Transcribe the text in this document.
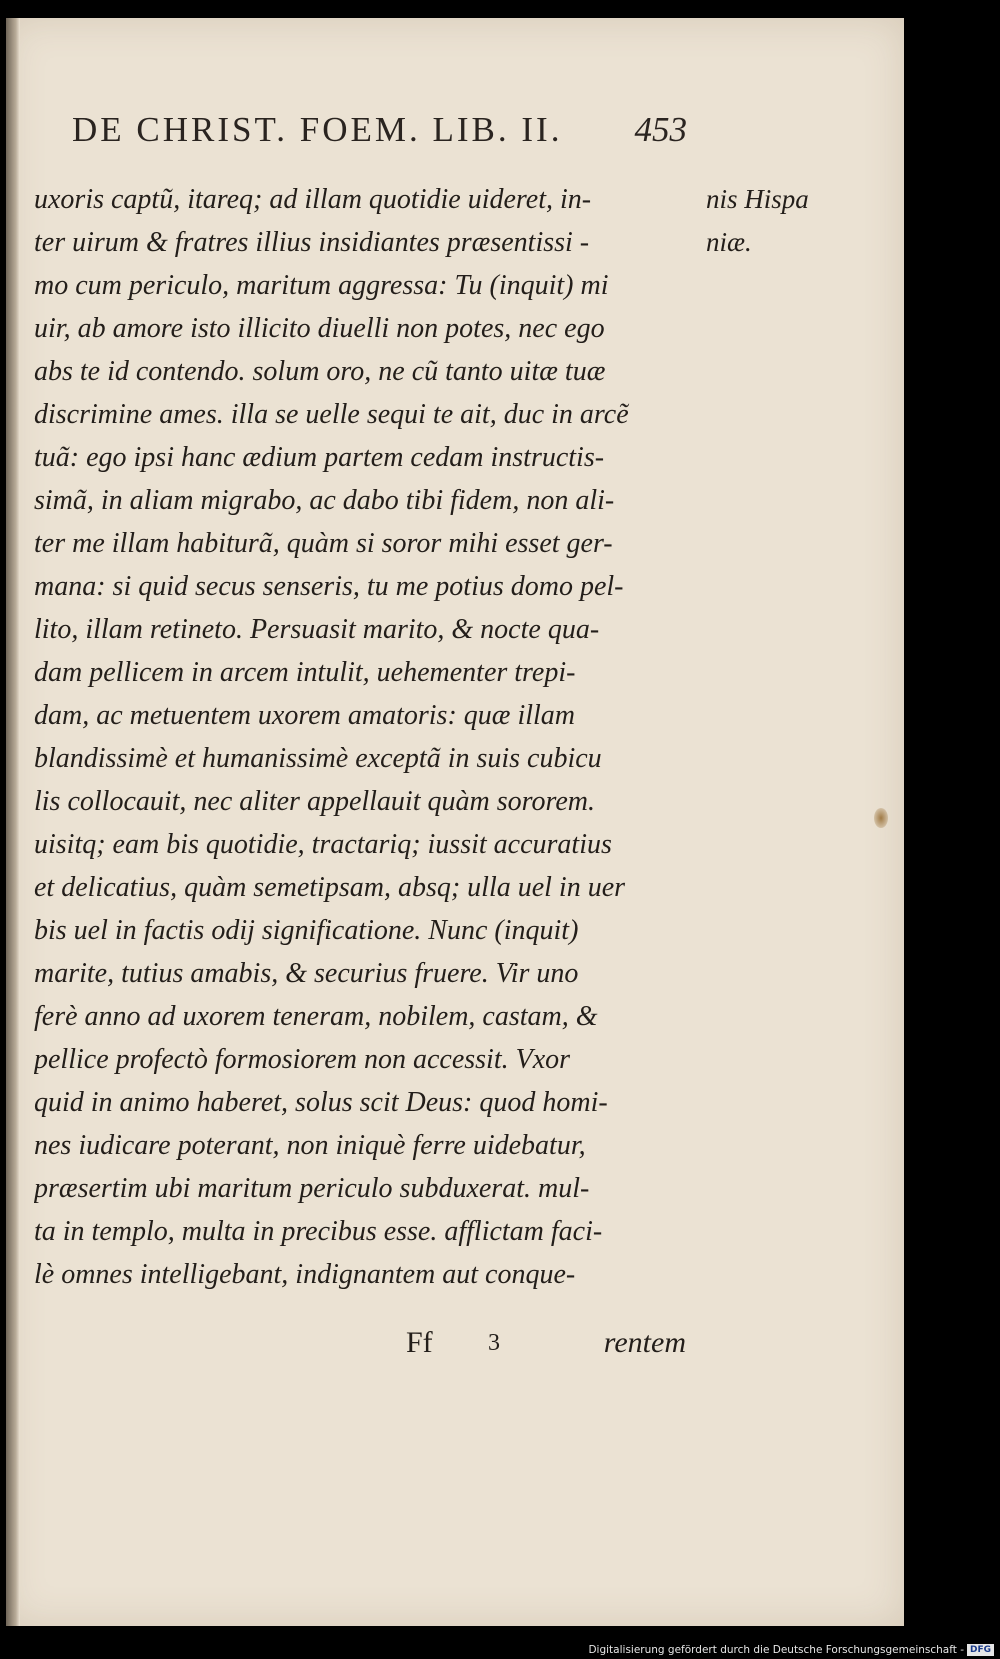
DE CHRIST. FOEM. LIB. II. 453
uxoris captũ, itareq; ad illam quotidie uideret, in-
ter uirum & fratres illius insidiantes præsentissi -
mo cum periculo, maritum aggressa: Tu (inquit) mi
uir, ab amore isto illicito diuelli non potes, nec ego
abs te id contendo. solum oro, ne cũ tanto uitæ tuæ
discrimine ames. illa se uelle sequi te ait, duc in arcẽ
tuã: ego ipsi hanc ædium partem cedam instructis-
simã, in aliam migrabo, ac dabo tibi fidem, non ali-
ter me illam habiturã, quàm si soror mihi esset ger-
mana: si quid secus senseris, tu me potius domo pel-
lito, illam retineto. Persuasit marito, & nocte qua-
dam pellicem in arcem intulit, uehementer trepi-
dam, ac metuentem uxorem amatoris: quæ illam
blandissimè et humanissimè exceptã in suis cubicu
lis collocauit, nec aliter appellauit quàm sororem.
uisitq; eam bis quotidie, tractariq; iussit accuratius
et delicatius, quàm semetipsam, absq; ulla uel in uer
bis uel in factis odij significatione. Nunc (inquit)
marite, tutius amabis, & securius fruere. Vir uno
ferè anno ad uxorem teneram, nobilem, castam, &
pellice profectò formosiorem non accessit. Vxor
quid in animo haberet, solus scit Deus: quod homi-
nes iudicare poterant, non iniquè ferre uidebatur,
præsertim ubi maritum periculo subduxerat. mul-
ta in templo, multa in precibus esse. afflictam faci-
lè omnes intelligebant, indignantem aut conque-
nis Hispa
niæ.
Ff 3	rentem
Digitalisierung gefördert durch die Deutsche Forschungsgemeinschaft - DFG
